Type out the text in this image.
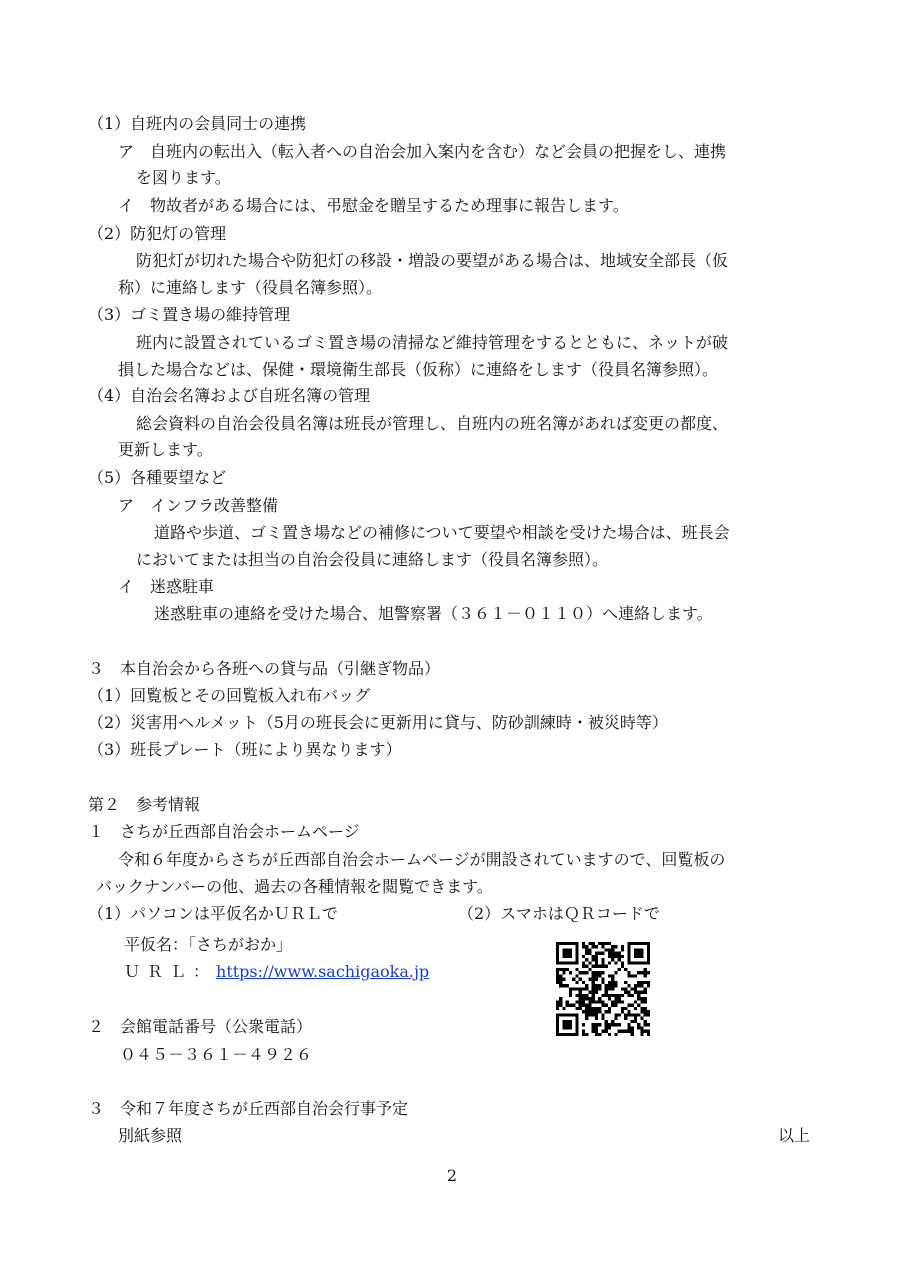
（1）自班内の会員同士の連携
ア　自班内の転出入（転入者への自治会加入案内を含む）など会員の把握をし、連携
を図ります。
イ　物故者がある場合には、弔慰金を贈呈するため理事に報告します。
（2）防犯灯の管理
防犯灯が切れた場合や防犯灯の移設・増設の要望がある場合は、地域安全部長（仮
称）に連絡します（役員名簿参照）。
（3）ゴミ置き場の維持管理
班内に設置されているゴミ置き場の清掃など維持管理をするとともに、ネットが破
損した場合などは、保健・環境衛生部長（仮称）に連絡をします（役員名簿参照）。
（4）自治会名簿および自班名簿の管理
総会資料の自治会役員名簿は班長が管理し、自班内の班名簿があれば変更の都度、
更新します。
（5）各種要望など
ア　インフラ改善整備
道路や歩道、ゴミ置き場などの補修について要望や相談を受けた場合は、班長会
においてまたは担当の自治会役員に連絡します（役員名簿参照）。
イ　迷惑駐車
迷惑駐車の連絡を受けた場合、旭警察署（３６１－０１１０）へ連絡します。
３　本自治会から各班への貸与品（引継ぎ物品）
（1）回覧板とその回覧板入れ布バッグ
（2）災害用ヘルメット（5月の班長会に更新用に貸与、防砂訓練時・被災時等）
（3）班長プレート（班により異なります）
第２　参考情報
１　さちが丘西部自治会ホームページ
令和６年度からさちが丘西部自治会ホームページが開設されていますので、回覧板の
バックナンバーの他、過去の各種情報を閲覧できます。
（1）パソコンは平仮名かＵＲＬで	（2）スマホはＱＲコードで
平仮名：「さちがおか」
ＵＲＬ：https://www.sachigaoka.jp
２　会館電話番号（公衆電話）
０４５－３６１－４９２６
３　令和７年度さちが丘西部自治会行事予定
別紙参照	以上
2
